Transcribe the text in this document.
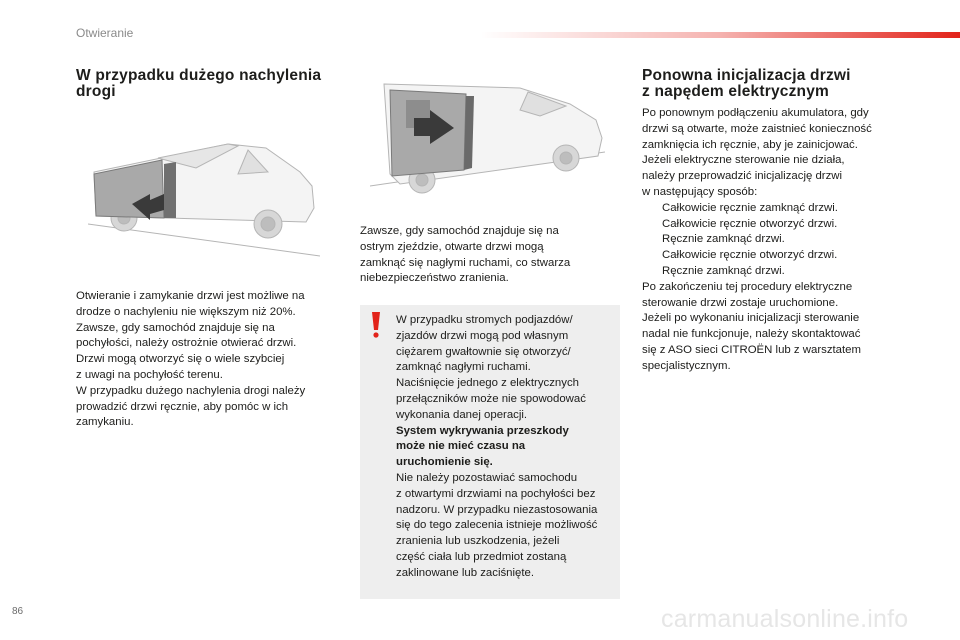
Otwieranie
W przypadku dużego nachylenia
drogi
Otwieranie i zamykanie drzwi jest możliwe na
drodze o nachyleniu nie większym niż 20%.
Zawsze, gdy samochód znajduje się na
pochyłości, należy ostrożnie otwierać drzwi.
Drzwi mogą otworzyć się o wiele szybciej
z uwagi na pochyłość terenu.
W przypadku dużego nachylenia drogi należy
prowadzić drzwi ręcznie, aby pomóc w ich
zamykaniu.
Zawsze, gdy samochód znajduje się na
ostrym zjeździe, otwarte drzwi mogą
zamknąć się nagłymi ruchami, co stwarza
niebezpieczeństwo zranienia.
W przypadku stromych podjazdów/
zjazdów drzwi mogą pod własnym
ciężarem gwałtownie się otworzyć/
zamknąć nagłymi ruchami.
Naciśnięcie jednego z elektrycznych
przełączników może nie spowodować
wykonania danej operacji.
System wykrywania przeszkody
może nie mieć czasu na
uruchomienie się.
Nie należy pozostawiać samochodu
z otwartymi drzwiami na pochyłości bez
nadzoru. W przypadku niezastosowania
się do tego zalecenia istnieje możliwość
zranienia lub uszkodzenia, jeżeli
część ciała lub przedmiot zostaną
zaklinowane lub zaciśnięte.
Ponowna inicjalizacja drzwi
z napędem elektrycznym
Po ponownym podłączeniu akumulatora, gdy
drzwi są otwarte, może zaistnieć konieczność
zamknięcia ich ręcznie, aby je zainicjować.
Jeżeli elektryczne sterowanie nie działa,
należy przeprowadzić inicjalizację drzwi
w następujący sposób:
Całkowicie ręcznie zamknąć drzwi.
Całkowicie ręcznie otworzyć drzwi.
Ręcznie zamknąć drzwi.
Całkowicie ręcznie otworzyć drzwi.
Ręcznie zamknąć drzwi.
Po zakończeniu tej procedury elektryczne
sterowanie drzwi zostaje uruchomione.
Jeżeli po wykonaniu inicjalizacji sterowanie
nadal nie funkcjonuje, należy skontaktować
się z ASO sieci CITROËN lub z warsztatem
specjalistycznym.
86	carmanualsonline.info
